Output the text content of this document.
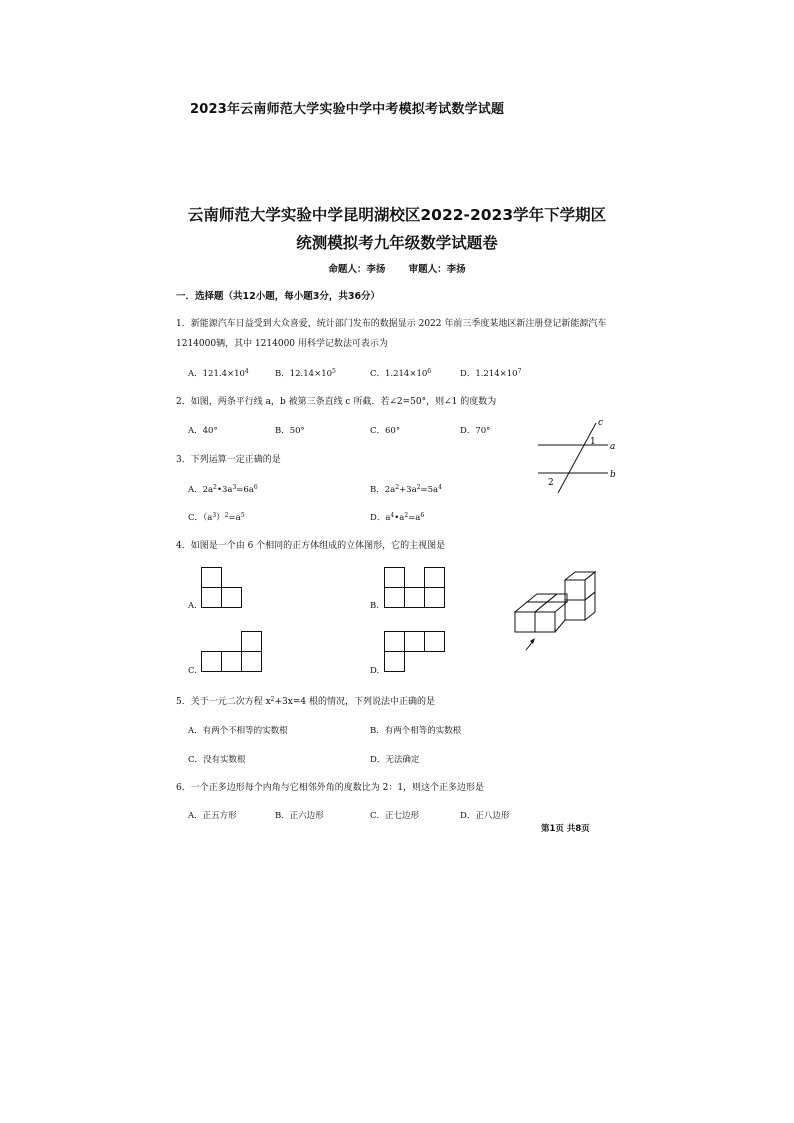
2023年云南师范大学实验中学中考模拟考试数学试题
云南师范大学实验中学昆明湖校区2022-2023学年下学期区
统测模拟考九年级数学试题卷
命题人：李扬 审题人：李扬
一．选择题（共12小题，每小题3分，共36分）
1．新能源汽车日益受到大众喜爱，统计部门发布的数据显示 2022 年前三季度某地区新注册登记新能源汽车
1214000辆，其中 1214000 用科学记数法可表示为
A．$121.4\times 10^4$	B．$12.14\times 10^5$	C．$1.214\times 10^6$	D．$1.214\times 10^7$
2．如图，两条平行线 a，b 被第三条直线 c 所截．若∠2=50°，则∠1 的度数为
A．40°	B．50°	C．60°	D．70°
c
a
b
1
2
3．下列运算一定正确的是
A．$2a^2•3a^3=6a^6$	B．$2a^2+3a^2=5a^4$
C．$(a^3)^2=a^5$	D．$a^4•a^2=a^6$
4．如图是一个由 6 个相同的正方体组成的立体图形，它的主视图是
A.	B.
C.	D.
5．关于一元二次方程 $x^2+3x=4$ 根的情况，下列说法中正确的是
A．有两个不相等的实数根	B．有两个相等的实数根
C．没有实数根	D．无法确定
6．一个正多边形每个内角与它相邻外角的度数比为 2：1，则这个正多边形是
A．正五方形	B．正六边形	C．正七边形	D．正八边形
第1页 共8页
